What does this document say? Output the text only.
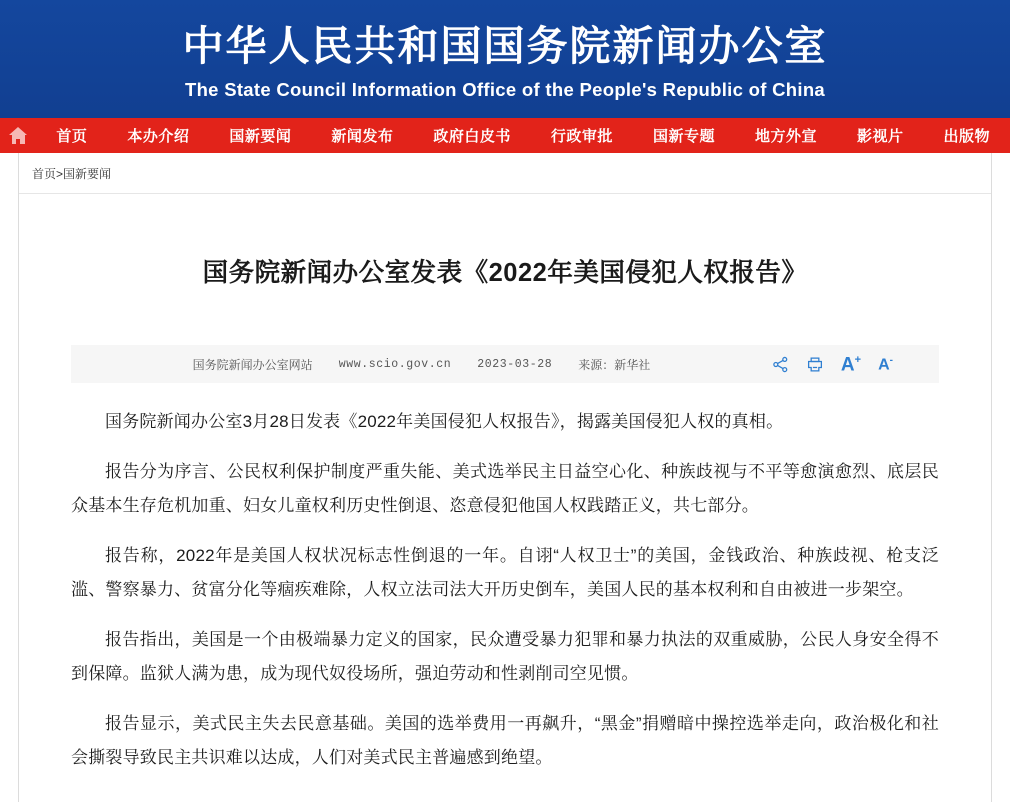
中华人民共和国国务院新闻办公室
The State Council Information Office of the People's Republic of China
首页	本办介绍	国新要闻	新闻发布	政府白皮书	行政审批	国新专题	地方外宣	影视片	出版物
首页>国新要闻
国务院新闻办公室发表《2022年美国侵犯人权报告》
国务院新闻办公室网站 www.scio.gov.cn 2023-03-28 来源：新华社	A+ A-

国务院新闻办公室3月28日发表《2022年美国侵犯人权报告》，揭露美国侵犯人权的真相。

报告分为序言、公民权利保护制度严重失能、美式选举民主日益空心化、种族歧视与不平等愈演愈烈、底层民众基本生存危机加重、妇女儿童权利历史性倒退、恣意侵犯他国人权践踏正义，共七部分。

报告称，2022年是美国人权状况标志性倒退的一年。自诩“人权卫士”的美国，金钱政治、种族歧视、枪支泛滥、警察暴力、贫富分化等痼疾难除，人权立法司法大开历史倒车，美国人民的基本权利和自由被进一步架空。

报告指出，美国是一个由极端暴力定义的国家，民众遭受暴力犯罪和暴力执法的双重威胁，公民人身安全得不到保障。监狱人满为患，成为现代奴役场所，强迫劳动和性剥削司空见惯。

报告显示，美式民主失去民意基础。美国的选举费用一再飙升，“黑金”捐赠暗中操控选举走向，政治极化和社会撕裂导致民主共识难以达成，人们对美式民主普遍感到绝望。
